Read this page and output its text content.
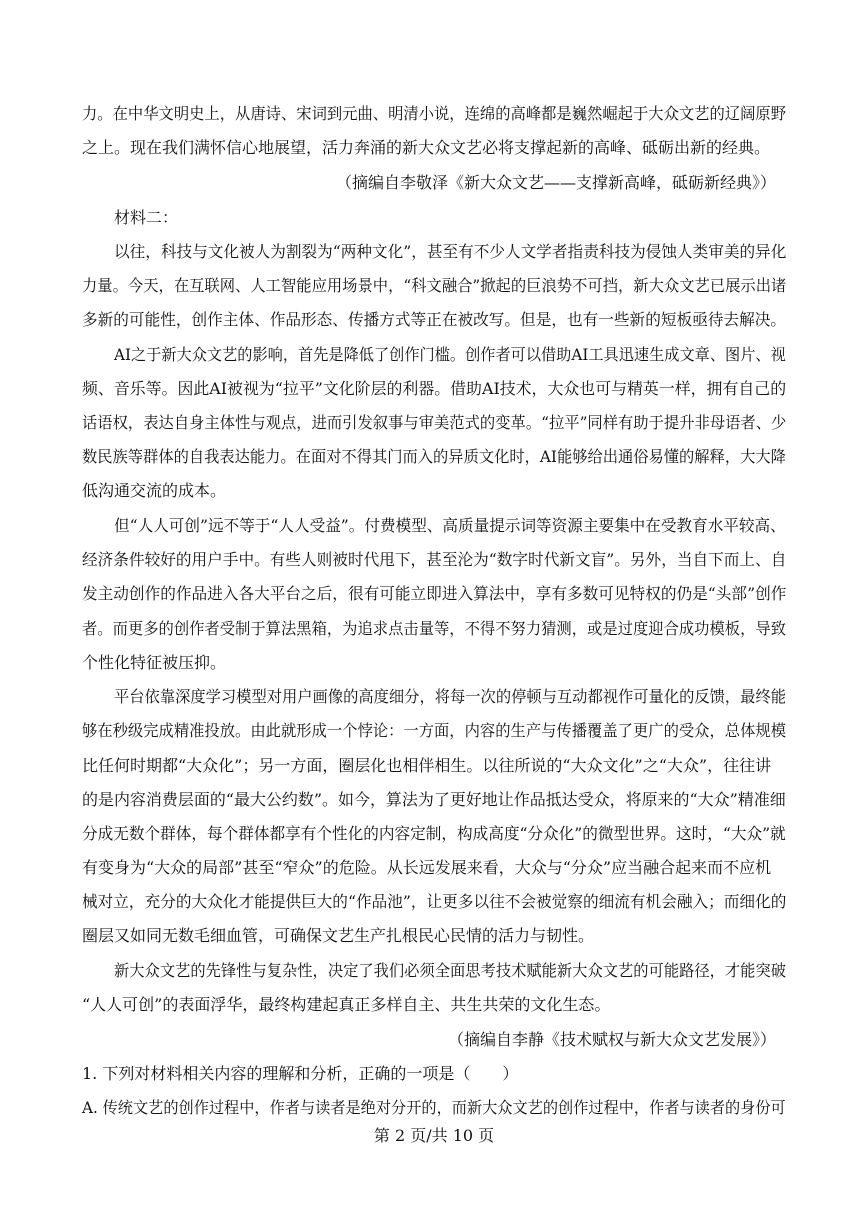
力。在中华文明史上，从唐诗、宋词到元曲、明清小说，连绵的高峰都是巍然崛起于大众文艺的辽阔原野
之上。现在我们满怀信心地展望，活力奔涌的新大众文艺必将支撑起新的高峰、砥砺出新的经典。
（摘编自李敬泽《新大众文艺——支撑新高峰，砥砺新经典》）
材料二：
以往，科技与文化被人为割裂为“两种文化”，甚至有不少人文学者指责科技为侵蚀人类审美的异化
力量。今天，在互联网、人工智能应用场景中，“科文融合”掀起的巨浪势不可挡，新大众文艺已展示出诸
多新的可能性，创作主体、作品形态、传播方式等正在被改写。但是，也有一些新的短板亟待去解决。
AI之于新大众文艺的影响，首先是降低了创作门槛。创作者可以借助AI工具迅速生成文章、图片、视
频、音乐等。因此AI被视为“拉平”文化阶层的利器。借助AI技术，大众也可与精英一样，拥有自己的
话语权，表达自身主体性与观点，进而引发叙事与审美范式的变革。“拉平”同样有助于提升非母语者、少
数民族等群体的自我表达能力。在面对不得其门而入的异质文化时，AI能够给出通俗易懂的解释，大大降
低沟通交流的成本。
但“人人可创”远不等于“人人受益”。付费模型、高质量提示词等资源主要集中在受教育水平较高、
经济条件较好的用户手中。有些人则被时代甩下，甚至沦为“数字时代新文盲”。另外，当自下而上、自
发主动创作的作品进入各大平台之后，很有可能立即进入算法中，享有多数可见特权的仍是“头部”创作
者。而更多的创作者受制于算法黑箱，为追求点击量等，不得不努力猜测，或是过度迎合成功模板，导致
个性化特征被压抑。
平台依靠深度学习模型对用户画像的高度细分，将每一次的停顿与互动都视作可量化的反馈，最终能
够在秒级完成精准投放。由此就形成一个悖论：一方面，内容的生产与传播覆盖了更广的受众，总体规模
比任何时期都“大众化”；另一方面，圈层化也相伴相生。以往所说的“大众文化”之“大众”，往往讲
的是内容消费层面的“最大公约数”。如今，算法为了更好地让作品抵达受众，将原来的“大众”精准细
分成无数个群体，每个群体都享有个性化的内容定制，构成高度“分众化”的微型世界。这时，“大众”就
有变身为“大众的局部”甚至“窄众”的危险。从长远发展来看，大众与“分众”应当融合起来而不应机
械对立，充分的大众化才能提供巨大的“作品池”，让更多以往不会被觉察的细流有机会融入；而细化的
圈层又如同无数毛细血管，可确保文艺生产扎根民心民情的活力与韧性。
新大众文艺的先锋性与复杂性，决定了我们必须全面思考技术赋能新大众文艺的可能路径，才能突破
“人人可创”的表面浮华，最终构建起真正多样自主、共生共荣的文化生态。
（摘编自李静《技术赋权与新大众文艺发展》）
1. 下列对材料相关内容的理解和分析，正确的一项是（　　）
A. 传统文艺的创作过程中，作者与读者是绝对分开的，而新大众文艺的创作过程中，作者与读者的身份可
第 2 页/共 10 页
